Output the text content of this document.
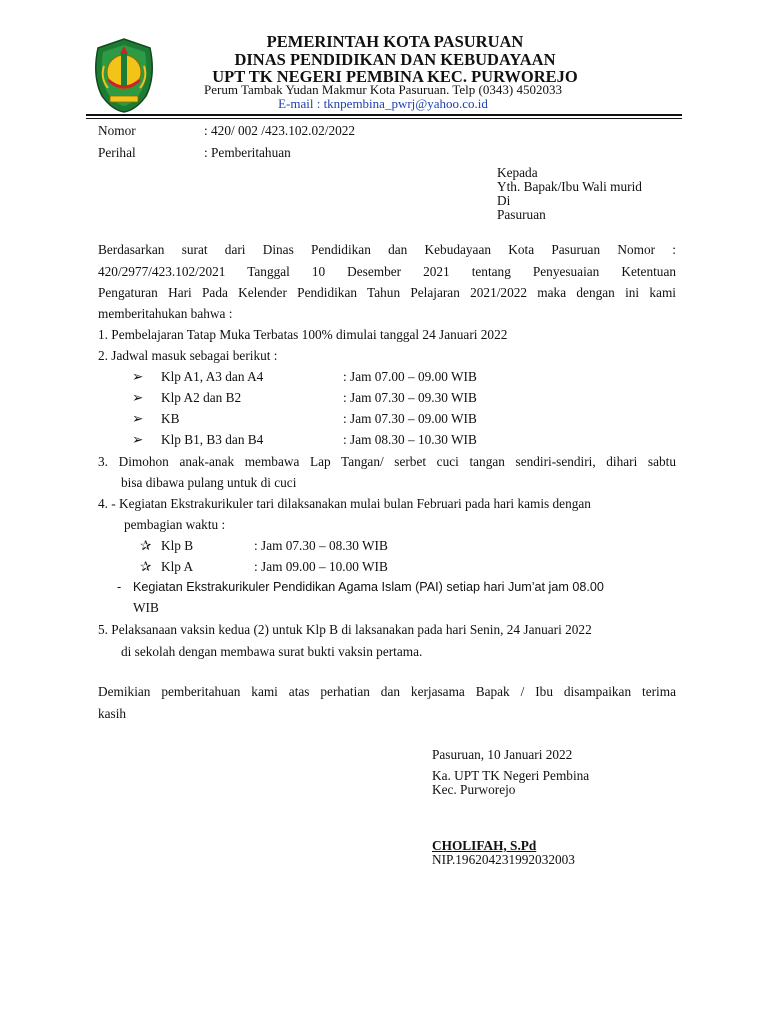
PEMERINTAH KOTA PASURUAN
DINAS PENDIDIKAN DAN KEBUDAYAAN
UPT TK NEGERI PEMBINA KEC. PURWOREJO
Perum Tambak Yudan Makmur Kota Pasuruan. Telp (0343) 4502033
E-mail : tknpembina_pwrj@yahoo.co.id
Nomor	: 420/ 002 /423.102.02/2022
Perihal	: Pemberitahuan
Kepada
Yth. Bapak/Ibu Wali murid
Di
Pasuruan
Berdasarkan surat dari Dinas Pendidikan dan Kebudayaan Kota Pasuruan Nomor :
420/2977/423.102/2021 Tanggal 10 Desember 2021 tentang Penyesuaian Ketentuan
Pengaturan Hari Pada Kelender Pendidikan Tahun Pelajaran 2021/2022 maka dengan ini kami
memberitahukan bahwa :
1. Pembelajaran Tatap Muka Terbatas 100% dimulai tanggal 24 Januari 2022
2. Jadwal masuk sebagai berikut :
➢ Klp A1, A3 dan A4	: Jam 07.00 – 09.00 WIB
➢ Klp A2 dan B2	: Jam 07.30 – 09.30 WIB
➢ KB	: Jam 07.30 – 09.00 WIB
➢ Klp B1, B3 dan B4	: Jam 08.30 – 10.30 WIB
3. Dimohon anak-anak membawa Lap Tangan/ serbet cuci tangan sendiri-sendiri, dihari sabtu
bisa dibawa pulang untuk di cuci
4. - Kegiatan Ekstrakurikuler tari dilaksanakan mulai bulan Februari pada hari kamis dengan
pembagian waktu :
✰ Klp B	: Jam 07.30 – 08.30 WIB
✰ Klp A	: Jam 09.00 – 10.00 WIB
- Kegiatan Ekstrakurikuler Pendidikan Agama Islam (PAI) setiap hari Jum’at jam 08.00
WIB
5. Pelaksanaan vaksin kedua (2) untuk Klp B di laksanakan pada hari Senin, 24 Januari 2022
di sekolah dengan membawa surat bukti vaksin pertama.
Demikian pemberitahuan kami atas perhatian dan kerjasama Bapak / Ibu disampaikan terima
kasih
Pasuruan, 10 Januari 2022
Ka. UPT TK Negeri Pembina
Kec. Purworejo
CHOLIFAH, S.Pd
NIP.196204231992032003
